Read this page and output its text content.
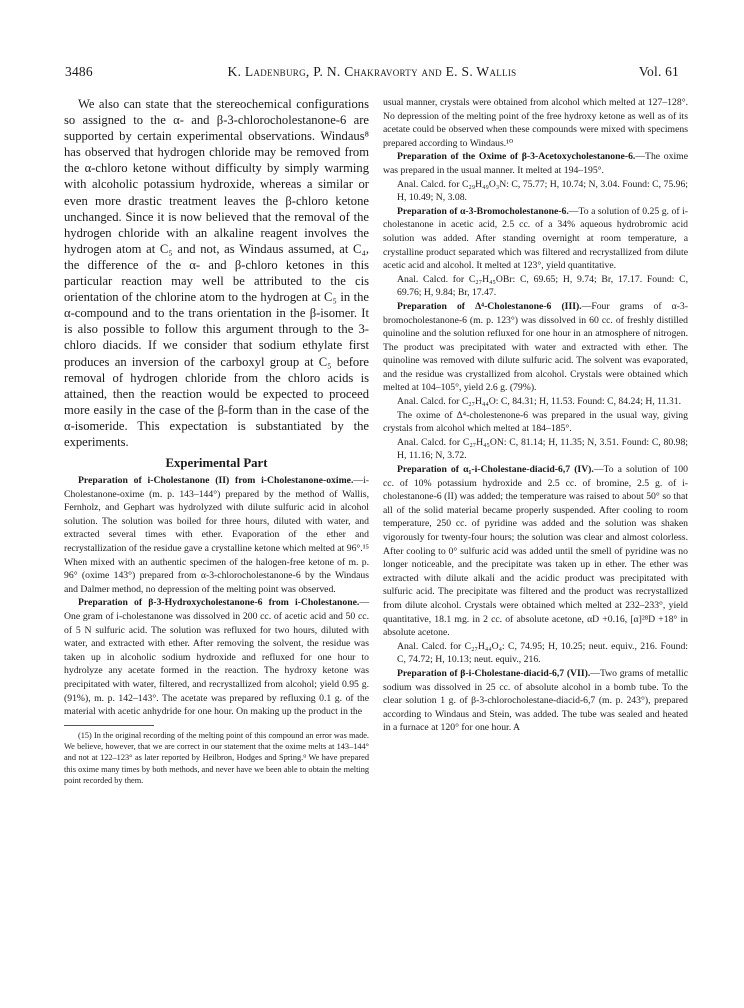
3486	K. Ladenburg, P. N. Chakravorty and E. S. Wallis	Vol. 61

We also can state that the stereochemical configurations so assigned to the α- and β-3-chlorocholestanone-6 are supported by certain experimental observations. Windaus⁸ has observed that hydrogen chloride may be removed from the α-chloro ketone without difficulty by simply warming with alcoholic potassium hydroxide, whereas a similar or even more drastic treatment leaves the β-chloro ketone unchanged. Since it is now believed that the removal of the hydrogen chloride with an alkaline reagent involves the hydrogen atom at C₅ and not, as Windaus assumed, at C₄, the difference of the α- and β-chloro ketones in this particular reaction may well be attributed to the cis orientation of the chlorine atom to the hydrogen at C₅ in the α-compound and to the trans orientation in the β-isomer. It is also possible to follow this argument through to the 3-chloro diacids. If we consider that sodium ethylate first produces an inversion of the carboxyl group at C₅ before removal of hydrogen chloride from the chloro acids is attained, then the reaction would be expected to proceed more easily in the case of the β-form than in the case of the α-isomeride. This expectation is substantiated by the experiments.

Experimental Part

Preparation of i-Cholestanone (II) from i-Cholestanone-oxime.—i-Cholestanone-oxime (m. p. 143–144°) prepared by the method of Wallis, Fernholz, and Gephart was hydrolyzed with dilute sulfuric acid in alcohol solution. The solution was boiled for three hours, diluted with water, and extracted several times with ether. Evaporation of the ether and recrystallization of the residue gave a crystalline ketone which melted at 96°.¹⁵ When mixed with an authentic specimen of the halogen-free ketone of m. p. 96° (oxime 143°) prepared from α-3-chlorocholestanone-6 by the Windaus and Dalmer method, no depression of the melting point was observed.

Preparation of β-3-Hydroxycholestanone-6 from i-Cholestanone.—One gram of i-cholestanone was dissolved in 200 cc. of acetic acid and 50 cc. of 5 N sulfuric acid. The solution was refluxed for two hours, diluted with water, and extracted with ether. After removing the solvent, the residue was taken up in alcoholic sodium hydroxide and refluxed for one hour to hydrolyze any acetate formed in the reaction. The hydroxy ketone was precipitated with water, filtered, and recrystallized from alcohol; yield 0.95 g. (91%), m. p. 142–143°. The acetate was prepared by refluxing 0.1 g. of the material with acetic anhydride for one hour. On making up the product in the

(15) In the original recording of the melting point of this compound an error was made. We believe, however, that we are correct in our statement that the oxime melts at 143–144° and not at 122–123° as later reported by Heilbron, Hodges and Spring.⁹ We have prepared this oxime many times by both methods, and never have we been able to obtain the melting point recorded by them.

usual manner, crystals were obtained from alcohol which melted at 127–128°. No depression of the melting point of the free hydroxy ketone as well as of its acetate could be observed when these compounds were mixed with specimens prepared according to Windaus.¹⁰

Preparation of the Oxime of β-3-Acetoxycholestanone-6.—The oxime was prepared in the usual manner. It melted at 194–195°.

Anal. Calcd. for C₂₉H₄₉O₃N: C, 75.77; H, 10.74; N, 3.04. Found: C, 75.96; H, 10.49; N, 3.08.

Preparation of α-3-Bromocholestanone-6.—To a solution of 0.25 g. of i-cholestanone in acetic acid, 2.5 cc. of a 34% aqueous hydrobromic acid solution was added. After standing overnight at room temperature, a crystalline product separated which was filtered and recrystallized from dilute acetic acid and alcohol. It melted at 123°, yield quantitative.

Anal. Calcd. for C₂₇H₄₅OBr: C, 69.65; H, 9.74; Br, 17.17. Found: C, 69.76; H, 9.84; Br, 17.47.

Preparation of Δ⁴-Cholestanone-6 (III).—Four grams of α-3-bromocholestanone-6 (m. p. 123°) was dissolved in 60 cc. of freshly distilled quinoline and the solution refluxed for one hour in an atmosphere of nitrogen. The product was precipitated with water and extracted with ether. The quinoline was removed with dilute sulfuric acid. The solvent was evaporated, and the residue was crystallized from alcohol. Crystals were obtained which melted at 104–105°, yield 2.6 g. (79%).

Anal. Calcd. for C₂₇H₄₄O: C, 84.31; H, 11.53. Found: C, 84.24; H, 11.31.

The oxime of Δ⁴-cholestenone-6 was prepared in the usual way, giving crystals from alcohol which melted at 184–185°.

Anal. Calcd. for C₂₇H₄₅ON: C, 81.14; H, 11.35; N, 3.51. Found: C, 80.98; H, 11.16; N, 3.72.

Preparation of α₁-i-Cholestane-diacid-6,7 (IV).—To a solution of 100 cc. of 10% potassium hydroxide and 2.5 cc. of bromine, 2.5 g. of i-cholestanone-6 (II) was added; the temperature was raised to about 50° so that all of the solid material became properly suspended. After cooling to room temperature, 250 cc. of pyridine was added and the solution was shaken vigorously for twenty-four hours; the solution was clear and almost colorless. After cooling to 0° sulfuric acid was added until the smell of pyridine was no longer noticeable, and the precipitate was taken up in ether. The ether was extracted with dilute alkali and the acidic product was precipitated with sulfuric acid. The precipitate was filtered and the product was recrystallized from dilute alcohol. Crystals were obtained which melted at 232–233°, yield quantitative, 18.1 mg. in 2 cc. of absolute acetone, αD +0.16, [α]²⁸D +18° in absolute acetone.

Anal. Calcd. for C₂₇H₄₄O₄: C, 74.95; H, 10.25; neut. equiv., 216. Found: C, 74.72; H, 10.13; neut. equiv., 216.

Preparation of β-i-Cholestane-diacid-6,7 (VII).—Two grams of metallic sodium was dissolved in 25 cc. of absolute alcohol in a bomb tube. To the clear solution 1 g. of β-3-chlorocholestane-diacid-6,7 (m. p. 243°), prepared according to Windaus and Stein, was added. The tube was sealed and heated in a furnace at 120° for one hour. A
